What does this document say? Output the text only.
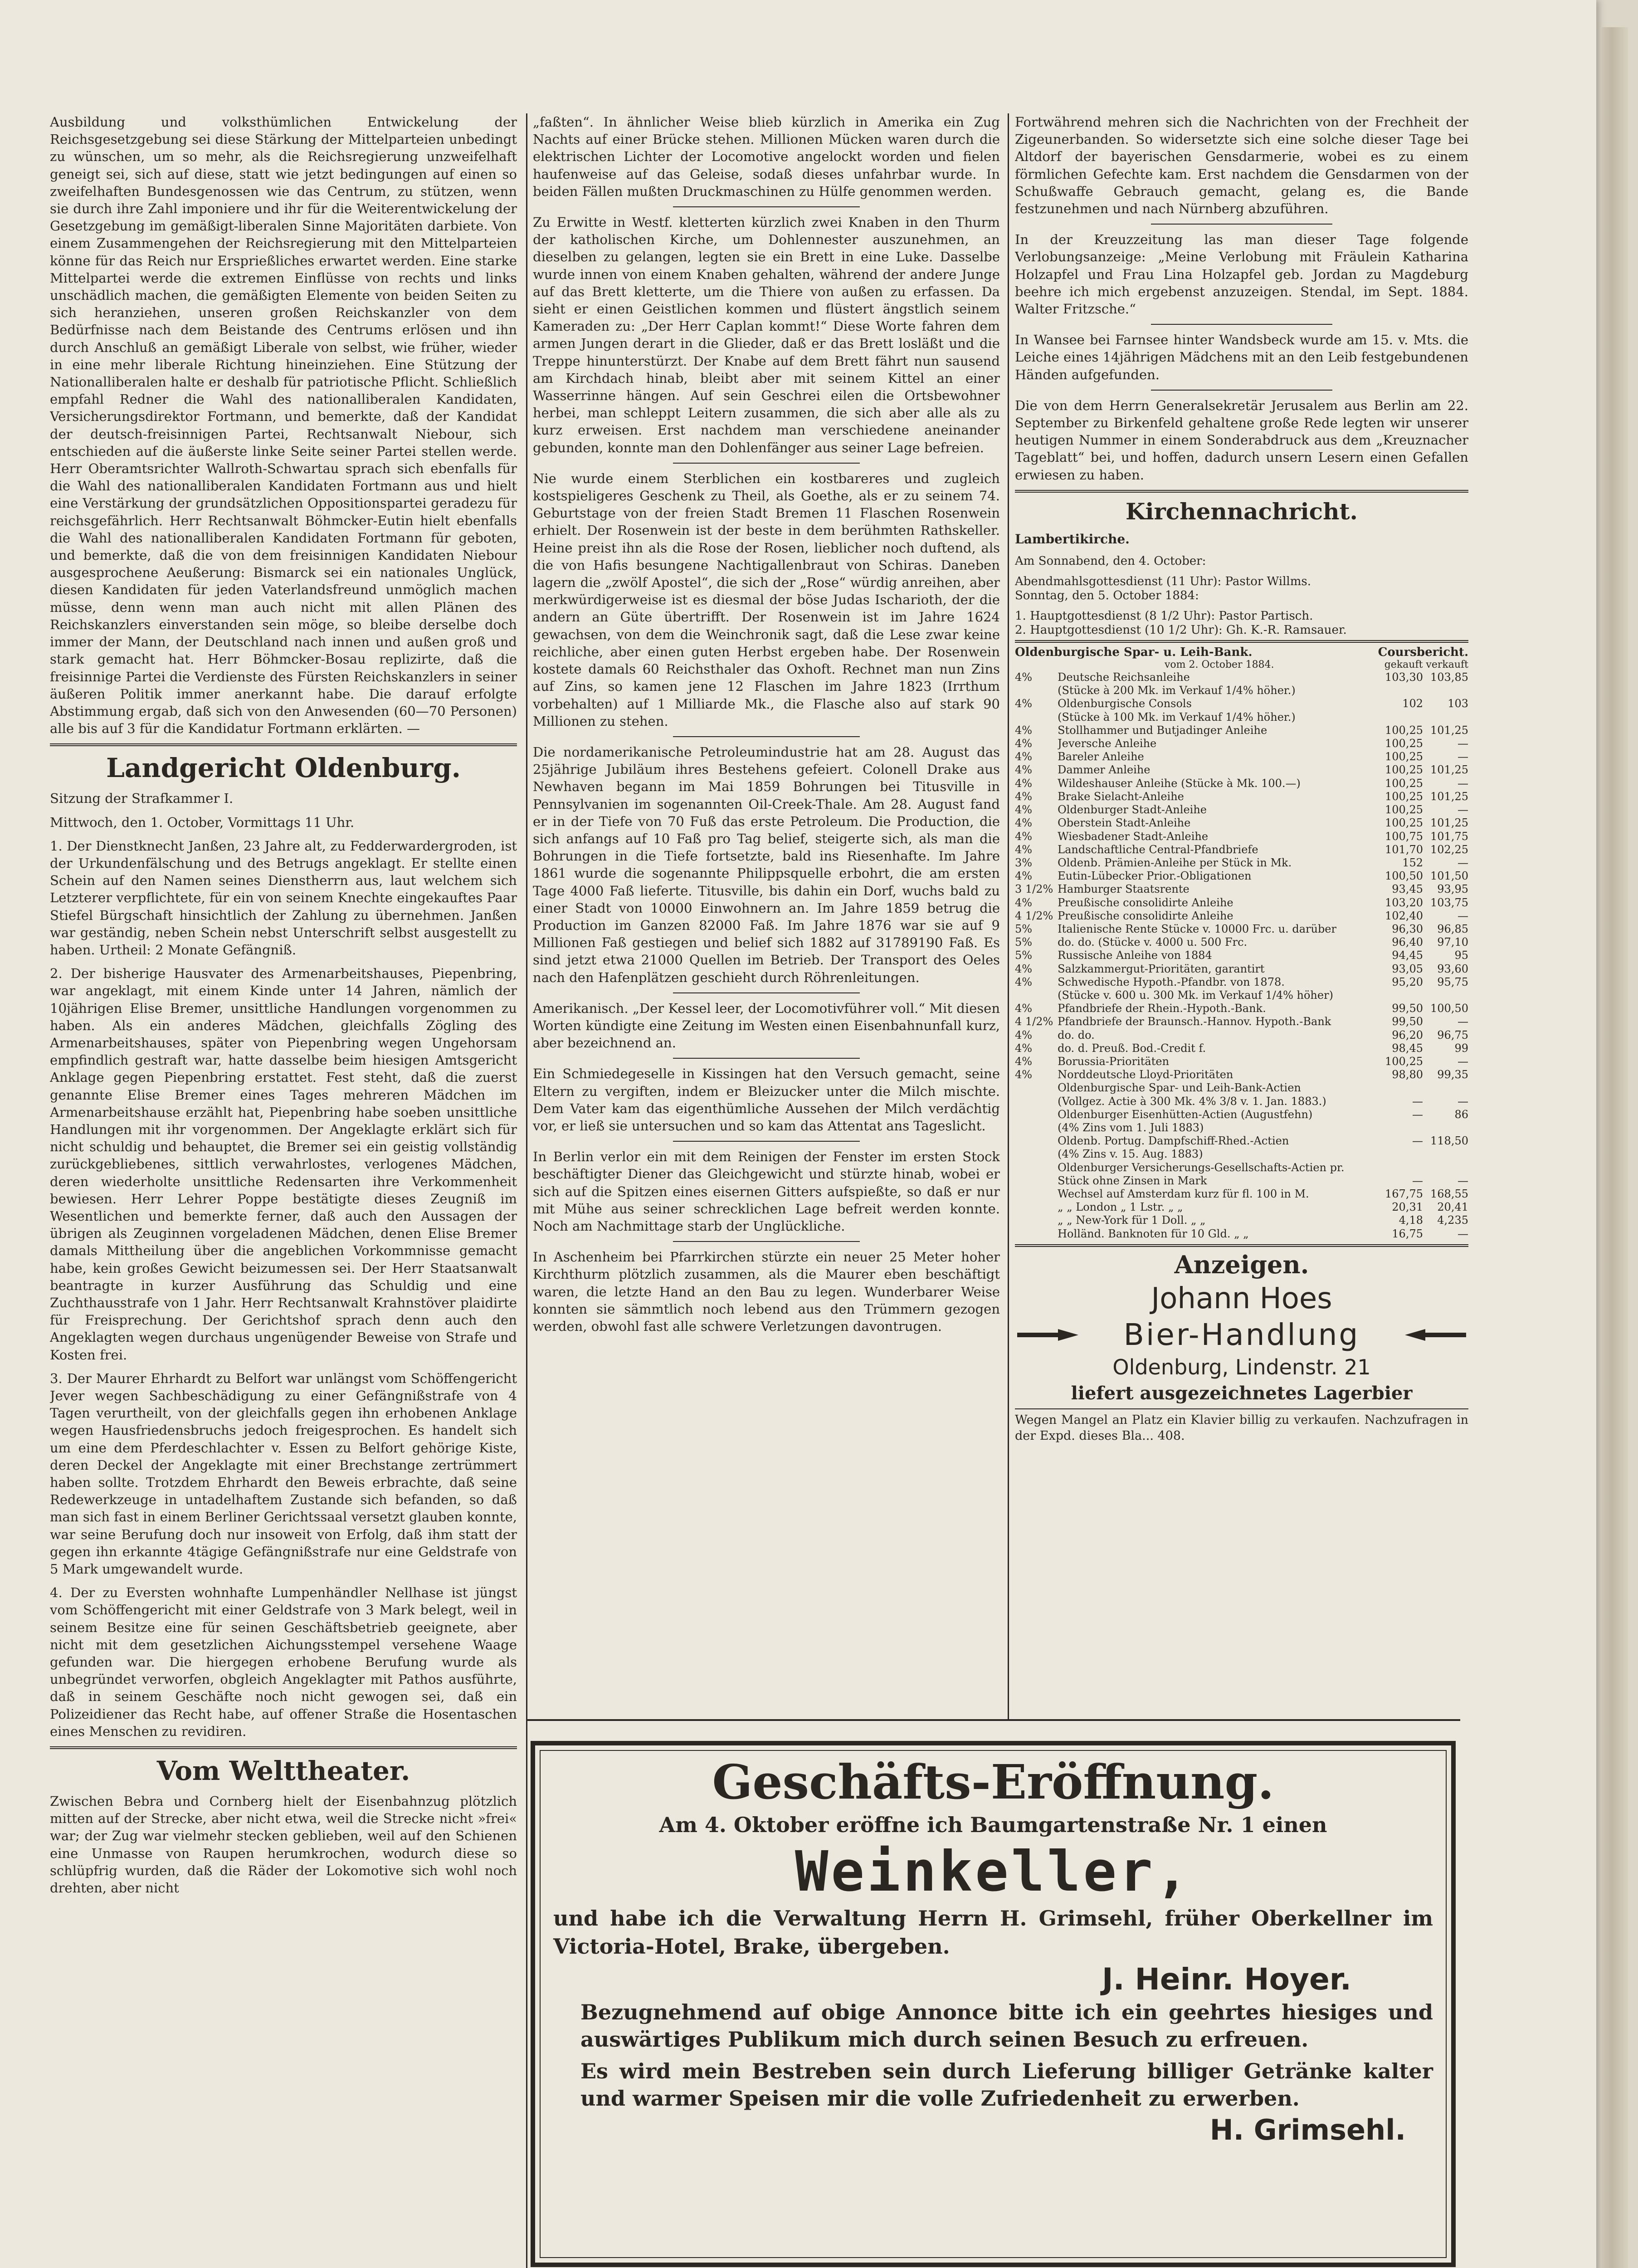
Ausbildung und volksthümlichen Entwickelung der Reichsgesetzgebung sei diese Stärkung der Mittelparteien unbedingt zu wünschen, um so mehr, als die Reichsregierung unzweifelhaft geneigt sei, sich auf diese, statt wie jetzt bedingungen auf einen so zweifelhaften Bundesgenossen wie das Centrum, zu stützen, wenn sie durch ihre Zahl imponiere und ihr für die Weiterentwickelung der Gesetzgebung im gemäßigt-liberalen Sinne Majoritäten darbiete. Von einem Zusammengehen der Reichsregierung mit den Mittelparteien könne für das Reich nur Ersprießliches erwartet werden. Eine starke Mittelpartei werde die extremen Einflüsse von rechts und links unschädlich machen, die gemäßigten Elemente von beiden Seiten zu sich heranziehen, unseren großen Reichskanzler von dem Bedürfnisse nach dem Beistande des Centrums erlösen und ihn durch Anschluß an gemäßigt Liberale von selbst, wie früher, wieder in eine mehr liberale Richtung hineinziehen. Eine Stützung der Nationalliberalen halte er deshalb für patriotische Pflicht. Schließlich empfahl Redner die Wahl des nationalliberalen Kandidaten, Versicherungsdirektor Fortmann, und bemerkte, daß der Kandidat der deutsch-freisinnigen Partei, Rechtsanwalt Niebour, sich entschieden auf die äußerste linke Seite seiner Partei stellen werde. Herr Oberamtsrichter Wallroth-Schwartau sprach sich ebenfalls für die Wahl des nationalliberalen Kandidaten Fortmann aus und hielt eine Verstärkung der grundsätzlichen Oppositionspartei geradezu für reichsgefährlich. Herr Rechtsanwalt Böhmcker-Eutin hielt ebenfalls die Wahl des nationalliberalen Kandidaten Fortmann für geboten, und bemerkte, daß die von dem freisinnigen Kandidaten Niebour ausgesprochene Aeußerung: Bismarck sei ein nationales Unglück, diesen Kandidaten für jeden Vaterlandsfreund unmöglich machen müsse, denn wenn man auch nicht mit allen Plänen des Reichskanzlers einverstanden sein möge, so bleibe derselbe doch immer der Mann, der Deutschland nach innen und außen groß und stark gemacht hat. Herr Böhmcker-Bosau replizirte, daß die freisinnige Partei die Verdienste des Fürsten Reichskanzlers in seiner äußeren Politik immer anerkannt habe. Die darauf erfolgte Abstimmung ergab, daß sich von den Anwesenden (60—70 Personen) alle bis auf 3 für die Kandidatur Fortmann erklärten. —

Landgericht Oldenburg.

Sitzung der Strafkammer I.

Mittwoch, den 1. October, Vormittags 11 Uhr.

1. Der Dienstknecht Janßen, 23 Jahre alt, zu Fedderwardergroden, ist der Urkundenfälschung und des Betrugs angeklagt. Er stellte einen Schein auf den Namen seines Dienstherrn aus, laut welchem sich Letzterer verpflichtete, für ein von seinem Knechte eingekauftes Paar Stiefel Bürgschaft hinsichtlich der Zahlung zu übernehmen. Janßen war geständig, neben Schein nebst Unterschrift selbst ausgestellt zu haben. Urtheil: 2 Monate Gefängniß.

2. Der bisherige Hausvater des Armenarbeitshauses, Piepenbring, war angeklagt, mit einem Kinde unter 14 Jahren, nämlich der 10jährigen Elise Bremer, unsittliche Handlungen vorgenommen zu haben. Als ein anderes Mädchen, gleichfalls Zögling des Armenarbeitshauses, später von Piepenbring wegen Ungehorsam empfindlich gestraft war, hatte dasselbe beim hiesigen Amtsgericht Anklage gegen Piepenbring erstattet. Fest steht, daß die zuerst genannte Elise Bremer eines Tages mehreren Mädchen im Armenarbeitshause erzählt hat, Piepenbring habe soeben unsittliche Handlungen mit ihr vorgenommen. Der Angeklagte erklärt sich für nicht schuldig und behauptet, die Bremer sei ein geistig vollständig zurückgebliebenes, sittlich verwahrlostes, verlogenes Mädchen, deren wiederholte unsittliche Redensarten ihre Verkommenheit bewiesen. Herr Lehrer Poppe bestätigte dieses Zeugniß im Wesentlichen und bemerkte ferner, daß auch den Aussagen der übrigen als Zeuginnen vorgeladenen Mädchen, denen Elise Bremer damals Mittheilung über die angeblichen Vorkommnisse gemacht habe, kein großes Gewicht beizumessen sei. Der Herr Staatsanwalt beantragte in kurzer Ausführung das Schuldig und eine Zuchthausstrafe von 1 Jahr. Herr Rechtsanwalt Krahnstöver plaidirte für Freisprechung. Der Gerichtshof sprach denn auch den Angeklagten wegen durchaus ungenügender Beweise von Strafe und Kosten frei.

3. Der Maurer Ehrhardt zu Belfort war unlängst vom Schöffengericht Jever wegen Sachbeschädigung zu einer Gefängnißstrafe von 4 Tagen verurtheilt, von der gleichfalls gegen ihn erhobenen Anklage wegen Hausfriedensbruchs jedoch freigesprochen. Es handelt sich um eine dem Pferdeschlachter v. Essen zu Belfort gehörige Kiste, deren Deckel der Angeklagte mit einer Brechstange zertrümmert haben sollte. Trotzdem Ehrhardt den Beweis erbrachte, daß seine Redewerkzeuge in untadelhaftem Zustande sich befanden, so daß man sich fast in einem Berliner Gerichtssaal versetzt glauben konnte, war seine Berufung doch nur insoweit von Erfolg, daß ihm statt der gegen ihn erkannte 4tägige Gefängnißstrafe nur eine Geldstrafe von 5 Mark umgewandelt wurde.

4. Der zu Eversten wohnhafte Lumpenhändler Nellhase ist jüngst vom Schöffengericht mit einer Geldstrafe von 3 Mark belegt, weil in seinem Besitze eine für seinen Geschäftsbetrieb geeignete, aber nicht mit dem gesetzlichen Aichungsstempel versehene Waage gefunden war. Die hiergegen erhobene Berufung wurde als unbegründet verworfen, obgleich Angeklagter mit Pathos ausführte, daß in seinem Geschäfte noch nicht gewogen sei, daß ein Polizeidiener das Recht habe, auf offener Straße die Hosentaschen eines Menschen zu revidiren.

Vom Welttheater.

Zwischen Bebra und Cornberg hielt der Eisenbahnzug plötzlich mitten auf der Strecke, aber nicht etwa, weil die Strecke nicht »frei« war; der Zug war vielmehr stecken geblieben, weil auf den Schienen eine Unmasse von Raupen herumkrochen, wodurch diese so schlüpfrig wurden, daß die Räder der Lokomotive sich wohl noch drehten, aber nicht

„faßten“. In ähnlicher Weise blieb kürzlich in Amerika ein Zug Nachts auf einer Brücke stehen. Millionen Mücken waren durch die elektrischen Lichter der Locomotive angelockt worden und fielen haufenweise auf das Geleise, sodaß dieses unfahrbar wurde. In beiden Fällen mußten Druckmaschinen zu Hülfe genommen werden.

Zu Erwitte in Westf. kletterten kürzlich zwei Knaben in den Thurm der katholischen Kirche, um Dohlennester auszunehmen, an dieselben zu gelangen, legten sie ein Brett in eine Luke. Dasselbe wurde innen von einem Knaben gehalten, während der andere Junge auf das Brett kletterte, um die Thiere von außen zu erfassen. Da sieht er einen Geistlichen kommen und flüstert ängstlich seinem Kameraden zu: „Der Herr Caplan kommt!“ Diese Worte fahren dem armen Jungen derart in die Glieder, daß er das Brett losläßt und die Treppe hinunterstürzt. Der Knabe auf dem Brett fährt nun sausend am Kirchdach hinab, bleibt aber mit seinem Kittel an einer Wasserrinne hängen. Auf sein Geschrei eilen die Ortsbewohner herbei, man schleppt Leitern zusammen, die sich aber alle als zu kurz erweisen. Erst nachdem man verschiedene aneinander gebunden, konnte man den Dohlenfänger aus seiner Lage befreien.

Nie wurde einem Sterblichen ein kostbareres und zugleich kostspieligeres Geschenk zu Theil, als Goethe, als er zu seinem 74. Geburtstage von der freien Stadt Bremen 11 Flaschen Rosenwein erhielt. Der Rosenwein ist der beste in dem berühmten Rathskeller. Heine preist ihn als die Rose der Rosen, lieblicher noch duftend, als die von Hafis besungene Nachtigallenbraut von Schiras. Daneben lagern die „zwölf Apostel“, die sich der „Rose“ würdig anreihen, aber merkwürdigerweise ist es diesmal der böse Judas Ischarioth, der die andern an Güte übertrifft. Der Rosenwein ist im Jahre 1624 gewachsen, von dem die Weinchronik sagt, daß die Lese zwar keine reichliche, aber einen guten Herbst ergeben habe. Der Rosenwein kostete damals 60 Reichsthaler das Oxhoft. Rechnet man nun Zins auf Zins, so kamen jene 12 Flaschen im Jahre 1823 (Irrthum vorbehalten) auf 1 Milliarde Mk., die Flasche also auf stark 90 Millionen zu stehen.

Die nordamerikanische Petroleumindustrie hat am 28. August das 25jährige Jubiläum ihres Bestehens gefeiert. Colonell Drake aus Newhaven begann im Mai 1859 Bohrungen bei Titusville in Pennsylvanien im sogenannten Oil-Creek-Thale. Am 28. August fand er in der Tiefe von 70 Fuß das erste Petroleum. Die Production, die sich anfangs auf 10 Faß pro Tag belief, steigerte sich, als man die Bohrungen in die Tiefe fortsetzte, bald ins Riesenhafte. Im Jahre 1861 wurde die sogenannte Philippsquelle erbohrt, die am ersten Tage 4000 Faß lieferte. Titusville, bis dahin ein Dorf, wuchs bald zu einer Stadt von 10000 Einwohnern an. Im Jahre 1859 betrug die Production im Ganzen 82000 Faß. Im Jahre 1876 war sie auf 9 Millionen Faß gestiegen und belief sich 1882 auf 31789190 Faß. Es sind jetzt etwa 21000 Quellen im Betrieb. Der Transport des Oeles nach den Hafenplätzen geschieht durch Röhrenleitungen.

Amerikanisch. „Der Kessel leer, der Locomotivführer voll.“ Mit diesen Worten kündigte eine Zeitung im Westen einen Eisenbahnunfall kurz, aber bezeichnend an.

Ein Schmiedegeselle in Kissingen hat den Versuch gemacht, seine Eltern zu vergiften, indem er Bleizucker unter die Milch mischte. Dem Vater kam das eigenthümliche Aussehen der Milch verdächtig vor, er ließ sie untersuchen und so kam das Attentat ans Tageslicht.

In Berlin verlor ein mit dem Reinigen der Fenster im ersten Stock beschäftigter Diener das Gleichgewicht und stürzte hinab, wobei er sich auf die Spitzen eines eisernen Gitters aufspießte, so daß er nur mit Mühe aus seiner schrecklichen Lage befreit werden konnte. Noch am Nachmittage starb der Unglückliche.

In Aschenheim bei Pfarrkirchen stürzte ein neuer 25 Meter hoher Kirchthurm plötzlich zusammen, als die Maurer eben beschäftigt waren, die letzte Hand an den Bau zu legen. Wunderbarer Weise konnten sie sämmtlich noch lebend aus den Trümmern gezogen werden, obwohl fast alle schwere Verletzungen davontrugen.

Fortwährend mehren sich die Nachrichten von der Frechheit der Zigeunerbanden. So widersetzte sich eine solche dieser Tage bei Altdorf der bayerischen Gensdarmerie, wobei es zu einem förmlichen Gefechte kam. Erst nachdem die Gensdarmen von der Schußwaffe Gebrauch gemacht, gelang es, die Bande festzunehmen und nach Nürnberg abzuführen.

In der Kreuzzeitung las man dieser Tage folgende Verlobungsanzeige: „Meine Verlobung mit Fräulein Katharina Holzapfel und Frau Lina Holzapfel geb. Jordan zu Magdeburg beehre ich mich ergebenst anzuzeigen. Stendal, im Sept. 1884. Walter Fritzsche.“

In Wansee bei Farnsee hinter Wandsbeck wurde am 15. v. Mts. die Leiche eines 14jährigen Mädchens mit an den Leib festgebundenen Händen aufgefunden.

Die von dem Herrn Generalsekretär Jerusalem aus Berlin am 22. September zu Birkenfeld gehaltene große Rede legten wir unserer heutigen Nummer in einem Sonderabdruck aus dem „Kreuznacher Tageblatt“ bei, und hoffen, dadurch unsern Lesern einen Gefallen erwiesen zu haben.

Kirchennachricht.

Lambertikirche.

Am Sonnabend, den 4. October:

Abendmahlsgottesdienst (11 Uhr): Pastor Willms.

Sonntag, den 5. October 1884:

1. Hauptgottesdienst (8 1/2 Uhr): Pastor Partisch.

2. Hauptgottesdienst (10 1/2 Uhr): Gh. K.-R. Ramsauer.

Oldenburgische Spar- u. Leih-Bank.	Coursbericht.
vom 2. October 1884.	gekauft verkauft
4%	Deutsche Reichsanleihe	103,30	103,85
	(Stücke à 200 Mk. im Verkauf 1/4% höher.)		
4%	Oldenburgische Consols	102	103
	(Stücke à 100 Mk. im Verkauf 1/4% höher.)		
4%	Stollhammer und Butjadinger Anleihe	100,25	101,25
4%	Jeversche Anleihe	100,25	—
4%	Bareler Anleihe	100,25	—
4%	Dammer Anleihe	100,25	101,25
4%	Wildeshauser Anleihe (Stücke à Mk. 100.—)	100,25	—
4%	Brake Sielacht-Anleihe	100,25	101,25
4%	Oldenburger Stadt-Anleihe	100,25	—
4%	Oberstein Stadt-Anleihe	100,25	101,25
4%	Wiesbadener Stadt-Anleihe	100,75	101,75
4%	Landschaftliche Central-Pfandbriefe	101,70	102,25
3%	Oldenb. Prämien-Anleihe per Stück in Mk.	152	—
4%	Eutin-Lübecker Prior.-Obligationen	100,50	101,50
3 1/2%	Hamburger Staatsrente	93,45	93,95
4%	Preußische consolidirte Anleihe	103,20	103,75
4 1/2%	Preußische consolidirte Anleihe	102,40	—
5%	Italienische Rente Stücke v. 10000 Frc. u. darüber	96,30	96,85
5%	do. do. (Stücke v. 4000 u. 500 Frc.	96,40	97,10
5%	Russische Anleihe von 1884	94,45	95
4%	Salzkammergut-Prioritäten, garantirt	93,05	93,60
4%	Schwedische Hypoth.-Pfandbr. von 1878.	95,20	95,75
	(Stücke v. 600 u. 300 Mk. im Verkauf 1/4% höher)		
4%	Pfandbriefe der Rhein.-Hypoth.-Bank.	99,50	100,50
4 1/2%	Pfandbriefe der Braunsch.-Hannov. Hypoth.-Bank	99,50	—
4%	do. do.	96,20	96,75
4%	do. d. Preuß. Bod.-Credit f.	98,45	99
4%	Borussia-Prioritäten	100,25	—
4%	Norddeutsche Lloyd-Prioritäten	98,80	99,35
	Oldenburgische Spar- und Leih-Bank-Actien		
	(Vollgez. Actie à 300 Mk. 4% 3/8 v. 1. Jan. 1883.)	—	—
	Oldenburger Eisenhütten-Actien (Augustfehn)	—	86
	(4% Zins vom 1. Juli 1883)		
	Oldenb. Portug. Dampfschiff-Rhed.-Actien	—	118,50
	(4% Zins v. 15. Aug. 1883)		
	Oldenburger Versicherungs-Gesellschafts-Actien pr.		
	Stück ohne Zinsen in Mark	—	—
	Wechsel auf Amsterdam kurz für fl. 100 in M.	167,75	168,55
	„ „ London „ 1 Lstr. „ „	20,31	20,41
	„ „ New-York für 1 Doll. „ „	4,18	4,235
	Holländ. Banknoten für 10 Gld. „ „	16,75	—
Anzeigen.
Johann Hoes
Bier-Handlung
Oldenburg, Lindenstr. 21
liefert ausgezeichnetes Lagerbier

Wegen Mangel an Platz ein Klavier billig zu verkaufen. Nachzufragen in der Expd. dieses Bla... 408.

Geschäfts-Eröffnung.
Am 4. Oktober eröffne ich Baumgartenstraße Nr. 1 einen
Weinkeller,
und habe ich die Verwaltung Herrn H. Grimsehl, früher Oberkellner im Victoria-Hotel, Brake, übergeben.
J. Heinr. Hoyer.
Bezugnehmend auf obige Annonce bitte ich ein geehrtes hiesiges und auswärtiges Publikum mich durch seinen Besuch zu erfreuen.
Es wird mein Bestreben sein durch Lieferung billiger Getränke kalter und warmer Speisen mir die volle Zufriedenheit zu erwerben.
H. Grimsehl.
